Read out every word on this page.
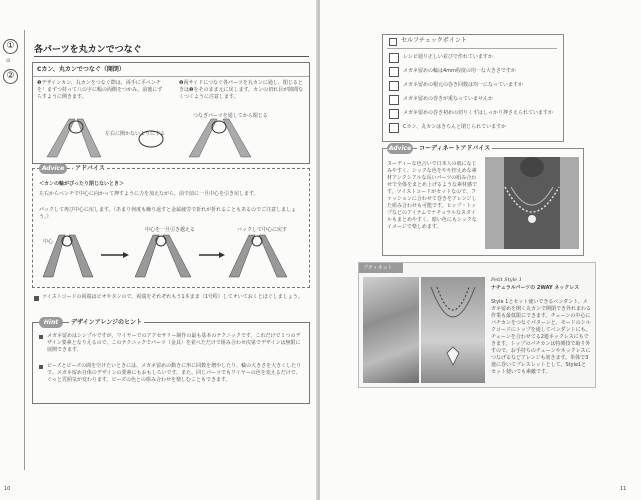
①
⊙
②
各パーツを丸カンでつなぐ
Cカン、丸カンでつなぐ（開閉）
❶デザインカン、丸カンをつなぐ際は、両手に平ペンチを！まずつ持って八の字に幅の両側をつかみ、前後にずらすように開きます。
❷両サイドにつなぐ各パーツを丸カンに通し、閉じるときは❶をそのまま元に戻します。カンの切れ目が隙間なくつくように注意します。
左右に開かないようにする
つなぎパーツを通してから閉じる
Advice	アドバイス
＜カンの輪がぴったり閉じないとき＞
左右からペンチで中心に向かって押すように力を加えながら、前で前に一旦中心を引き戻します。
パックして再び中心に戻します。（あまり何度も繰り返すと金属疲労で折れが折れることもあるのでご注意しましょう。）
中心
中心を一旦引き越える	バックして中心に戻す
ツイストコードの両端はビオやタンので、両端をそれぞれもう1本まま（1号程）してオいておくとほぐしましょう。
Hint	デザインアレンジのヒント
メガネ留めはシンプルですが、ワイヤーでのアクセサリー制作の最も基本のテクニックです。これだけで１つのデザイン要素となりえるので、このテクニックでパーツ（金具）を並べただけで組み合わせ次第でデザインは無限に展開できます。
ビーズとビーズの間を空けたいときには、メガネ留めの動きに形に回数を増やしたり、輪の大きさを大きくしたりで、メガネ留め自体のデザインの要素にもおもしろいです。また、同じパーツでもワイヤーの色を変えるだけで、ぐっと雰囲気が変わります。ビーズの色との組み合わせを楽しむこともできます。
10
セルフチェックポイント
レシピ通り正しい並びで作れていますか
メガネ留めの輪は4mm程度の均一な大きさですか
メガネ留めの根元の巻き回数は均一になっていますか
メガネ留めの巻きが重なっていませんか
メガネ留めの巻き初めの切りくずはしっかり押さえられていますか
Cカン、丸カンはきちんと閉じられていますか
Advice	コーディネートアドバイス
ヌーディーな色合いで日本人の肌になじみやすく、シックな色をやや控えめな素材アンクシアルな長いパーツの組み合わせで全体をまとめ上げるような素材感です。ツイストコードがセットなので、ファッションに合わせて巻きをアレンジした組み合わせも可能です。ヒップ・トップなどのアイテムでナチュラルなスタイルもまとめやすく、暗い色にもシックなイメージで楽しめます。
プティネット
Petit Style 1
ナチュラルパーツの 2WAY ネックレス
Style 1とセット使いできるペンダント。メガネ留めを開く丸カンで開閉でき外れまわる作業も最低限にできます。チェーンの中心にバチカンをつなぐパターンと、モードのシルクコードにトップを通してペンダントにも。チェーンを合わせてる2連ネックレスにもできます。トップのパチカンは特関技で取り外すので、お手持ちのチェーンやネックレスにつなげるなどアレンジも効きます。単体で3連に巻いてブレスレットとして。Style1とセット使いでも素敵です。
11
